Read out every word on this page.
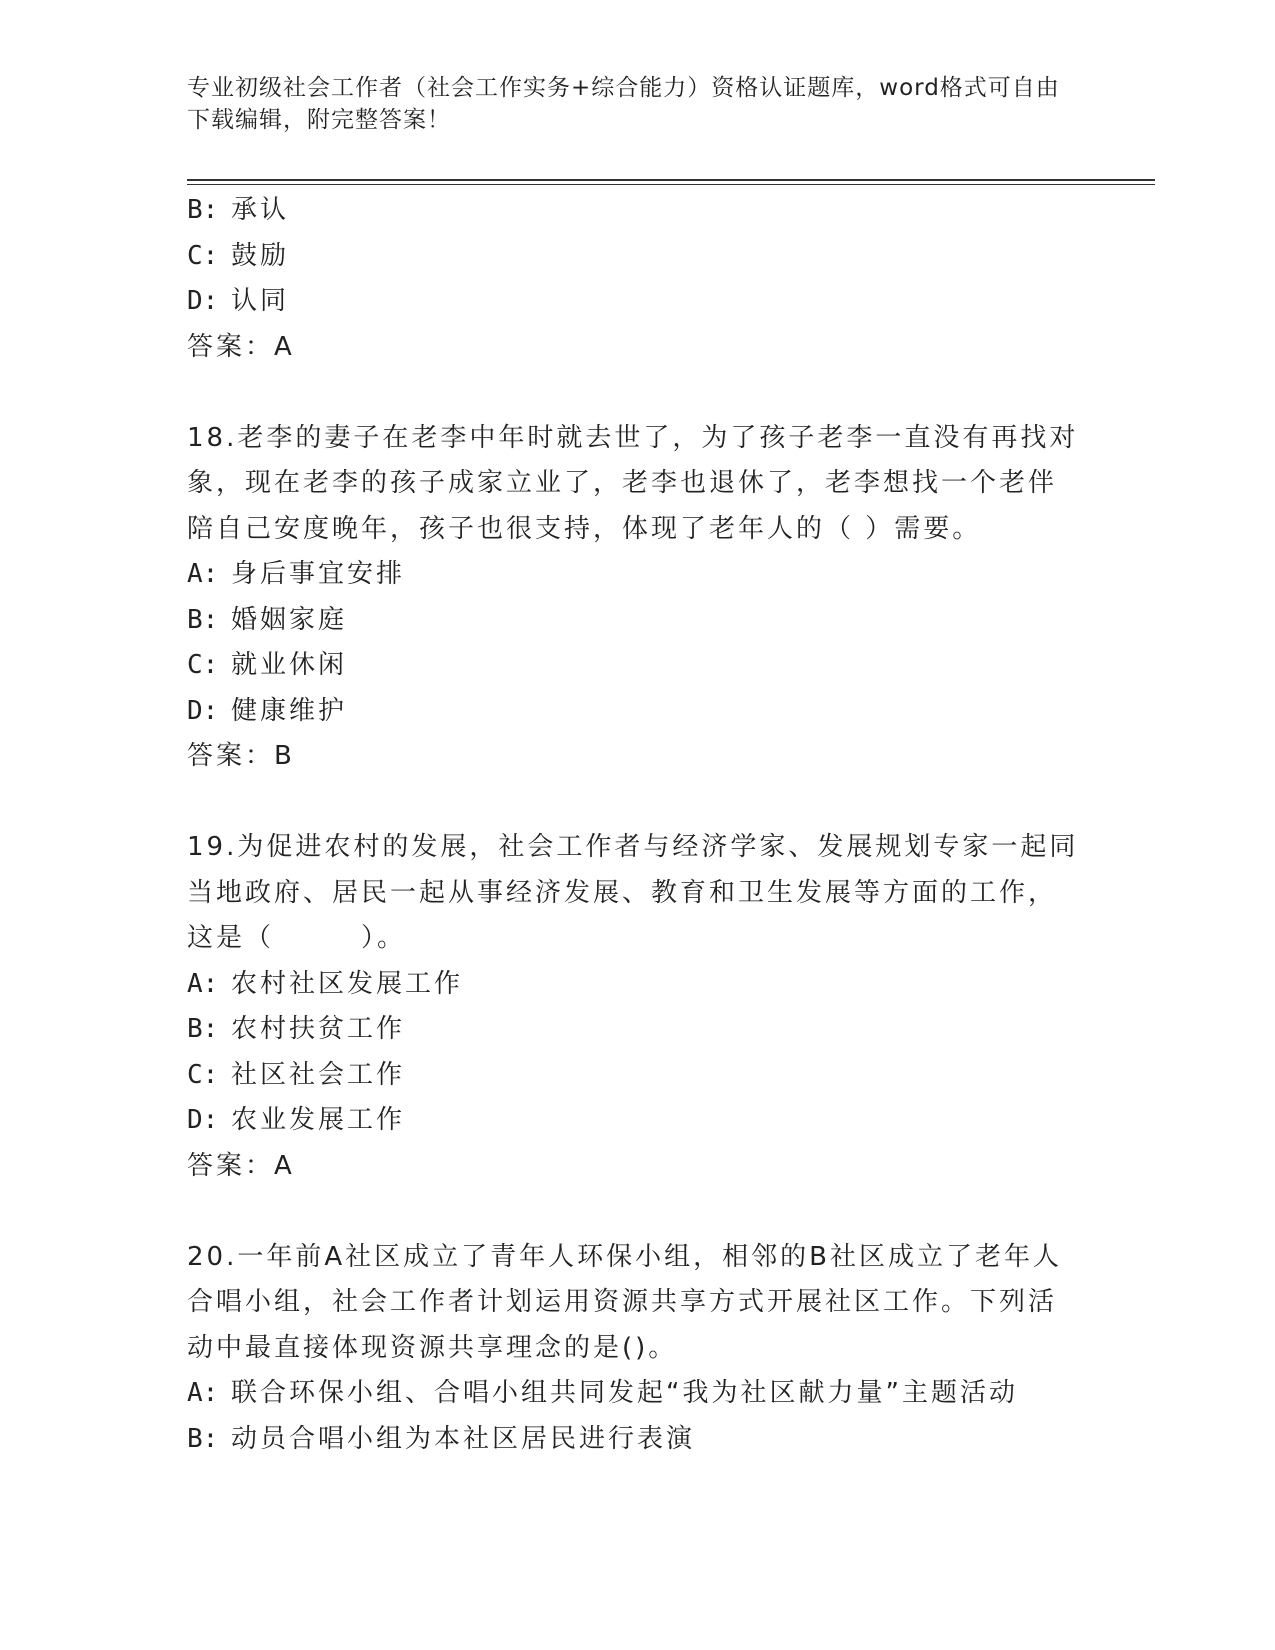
专业初级社会工作者（社会工作实务+综合能力）资格认证题库，word格式可自由
下载编辑，附完整答案！
B: 承认
C: 鼓励
D: 认同
答案：A
18.老李的妻子在老李中年时就去世了，为了孩子老李一直没有再找对
象，现在老李的孩子成家立业了，老李也退休了，老李想找一个老伴
陪自己安度晚年，孩子也很支持，体现了老年人的（ ）需要。
A: 身后事宜安排
B: 婚姻家庭
C: 就业休闲
D: 健康维护
答案：B
19.为促进农村的发展，社会工作者与经济学家、发展规划专家一起同
当地政府、居民一起从事经济发展、教育和卫生发展等方面的工作，
这是（　　　）。
A: 农村社区发展工作
B: 农村扶贫工作
C: 社区社会工作
D: 农业发展工作
答案：A
20.一年前A社区成立了青年人环保小组，相邻的B社区成立了老年人
合唱小组，社会工作者计划运用资源共享方式开展社区工作。下列活
动中最直接体现资源共享理念的是()。
A: 联合环保小组、合唱小组共同发起“我为社区献力量”主题活动
B: 动员合唱小组为本社区居民进行表演
